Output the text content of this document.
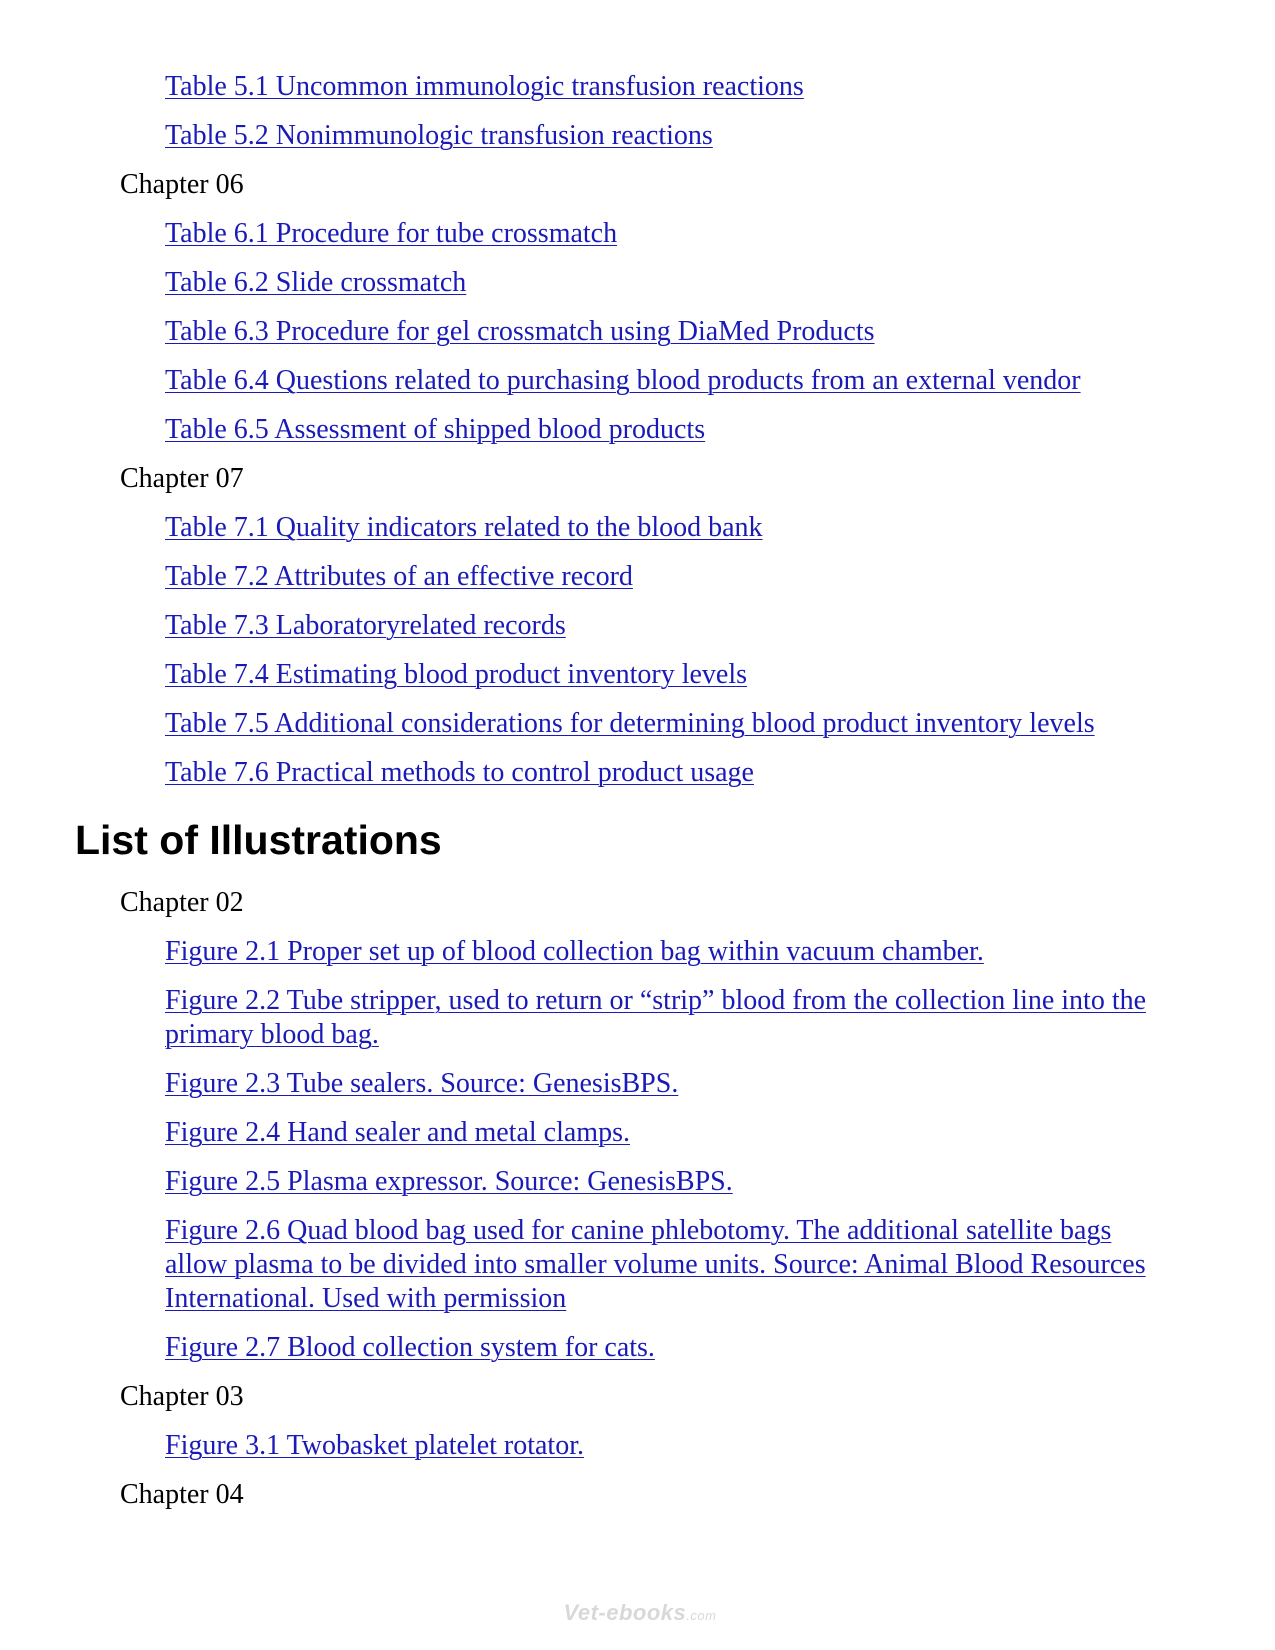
Table 5.1 Uncommon immunologic transfusion reactions
Table 5.2 Nonimmunologic transfusion reactions
Chapter 06
Table 6.1 Procedure for tube crossmatch
Table 6.2 Slide crossmatch
Table 6.3 Procedure for gel crossmatch using DiaMed Products
Table 6.4 Questions related to purchasing blood products from an external vendor
Table 6.5 Assessment of shipped blood products
Chapter 07
Table 7.1 Quality indicators related to the blood bank
Table 7.2 Attributes of an effective record
Table 7.3 Laboratoryrelated records
Table 7.4 Estimating blood product inventory levels
Table 7.5 Additional considerations for determining blood product inventory levels
Table 7.6 Practical methods to control product usage
List of Illustrations
Chapter 02
Figure 2.1 Proper set up of blood collection bag within vacuum chamber.
Figure 2.2 Tube stripper, used to return or “strip” blood from the collection line into the primary blood bag.
Figure 2.3 Tube sealers. Source: GenesisBPS.
Figure 2.4 Hand sealer and metal clamps.
Figure 2.5 Plasma expressor. Source: GenesisBPS.
Figure 2.6 Quad blood bag used for canine phlebotomy. The additional satellite bags allow plasma to be divided into smaller volume units. Source: Animal Blood Resources International. Used with permission
Figure 2.7 Blood collection system for cats.
Chapter 03
Figure 3.1 Twobasket platelet rotator.
Chapter 04
Vet-ebooks.com
